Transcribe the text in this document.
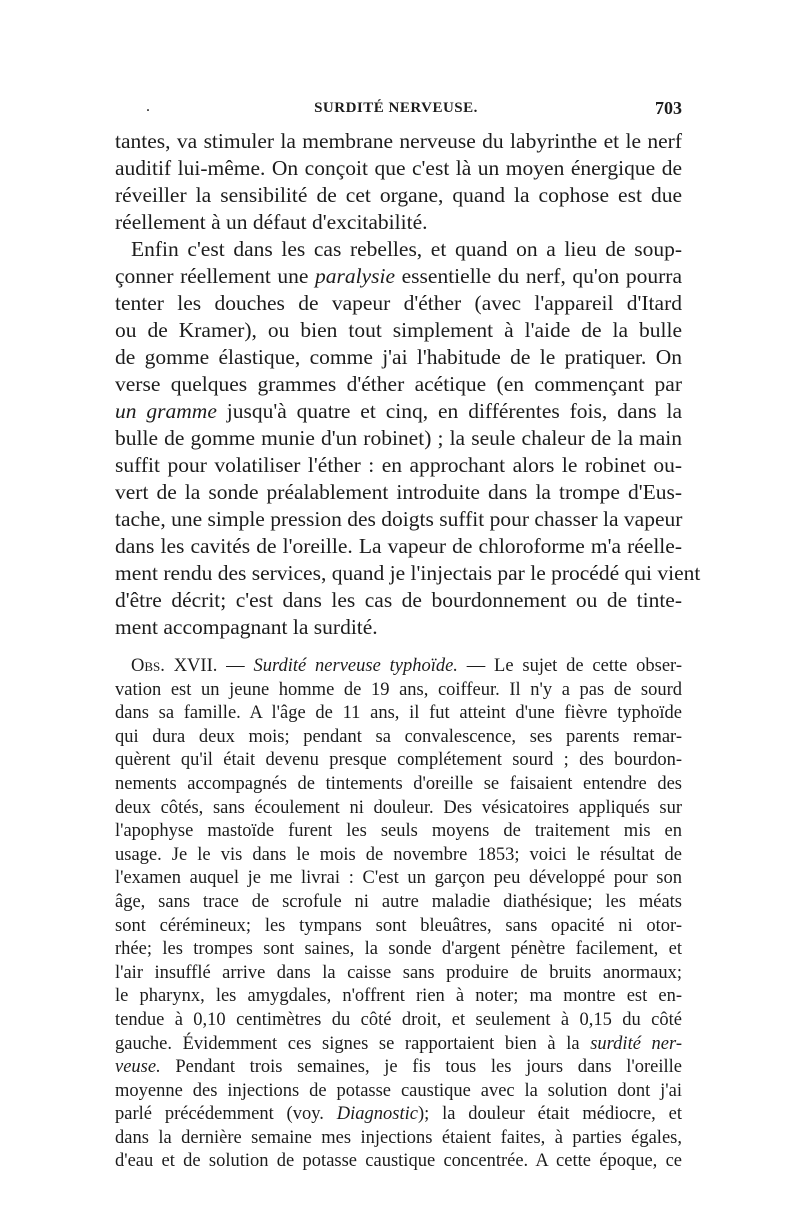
.	SURDITÉ NERVEUSE.	703
tantes, va stimuler la membrane nerveuse du labyrinthe et le nerf
auditif lui-même. On conçoit que c'est là un moyen énergique de
réveiller la sensibilité de cet organe, quand la cophose est due
réellement à un défaut d'excitabilité.
Enfin c'est dans les cas rebelles, et quand on a lieu de soup-
çonner réellement une paralysie essentielle du nerf, qu'on pourra
tenter les douches de vapeur d'éther (avec l'appareil d'Itard
ou de Kramer), ou bien tout simplement à l'aide de la bulle
de gomme élastique, comme j'ai l'habitude de le pratiquer. On
verse quelques grammes d'éther acétique (en commençant par
un gramme jusqu'à quatre et cinq, en différentes fois, dans la
bulle de gomme munie d'un robinet) ; la seule chaleur de la main
suffit pour volatiliser l'éther : en approchant alors le robinet ou-
vert de la sonde préalablement introduite dans la trompe d'Eus-
tache, une simple pression des doigts suffit pour chasser la vapeur
dans les cavités de l'oreille. La vapeur de chloroforme m'a réelle-
ment rendu des services, quand je l'injectais par le procédé qui vient
d'être décrit; c'est dans les cas de bourdonnement ou de tinte-
ment accompagnant la surdité.
Obs. XVII. — Surdité nerveuse typhoïde. — Le sujet de cette obser-
vation est un jeune homme de 19 ans, coiffeur. Il n'y a pas de sourd
dans sa famille. A l'âge de 11 ans, il fut atteint d'une fièvre typhoïde
qui dura deux mois; pendant sa convalescence, ses parents remar-
quèrent qu'il était devenu presque complétement sourd ; des bourdon-
nements accompagnés de tintements d'oreille se faisaient entendre des
deux côtés, sans écoulement ni douleur. Des vésicatoires appliqués sur
l'apophyse mastoïde furent les seuls moyens de traitement mis en
usage. Je le vis dans le mois de novembre 1853; voici le résultat de
l'examen auquel je me livrai : C'est un garçon peu développé pour son
âge, sans trace de scrofule ni autre maladie diathésique; les méats
sont cérémineux; les tympans sont bleuâtres, sans opacité ni otor-
rhée; les trompes sont saines, la sonde d'argent pénètre facilement, et
l'air insufflé arrive dans la caisse sans produire de bruits anormaux;
le pharynx, les amygdales, n'offrent rien à noter; ma montre est en-
tendue à 0,10 centimètres du côté droit, et seulement à 0,15 du côté
gauche. Évidemment ces signes se rapportaient bien à la surdité ner-
veuse. Pendant trois semaines, je fis tous les jours dans l'oreille
moyenne des injections de potasse caustique avec la solution dont j'ai
parlé précédemment (voy. Diagnostic); la douleur était médiocre, et
dans la dernière semaine mes injections étaient faites, à parties égales,
d'eau et de solution de potasse caustique concentrée. A cette époque, ce
